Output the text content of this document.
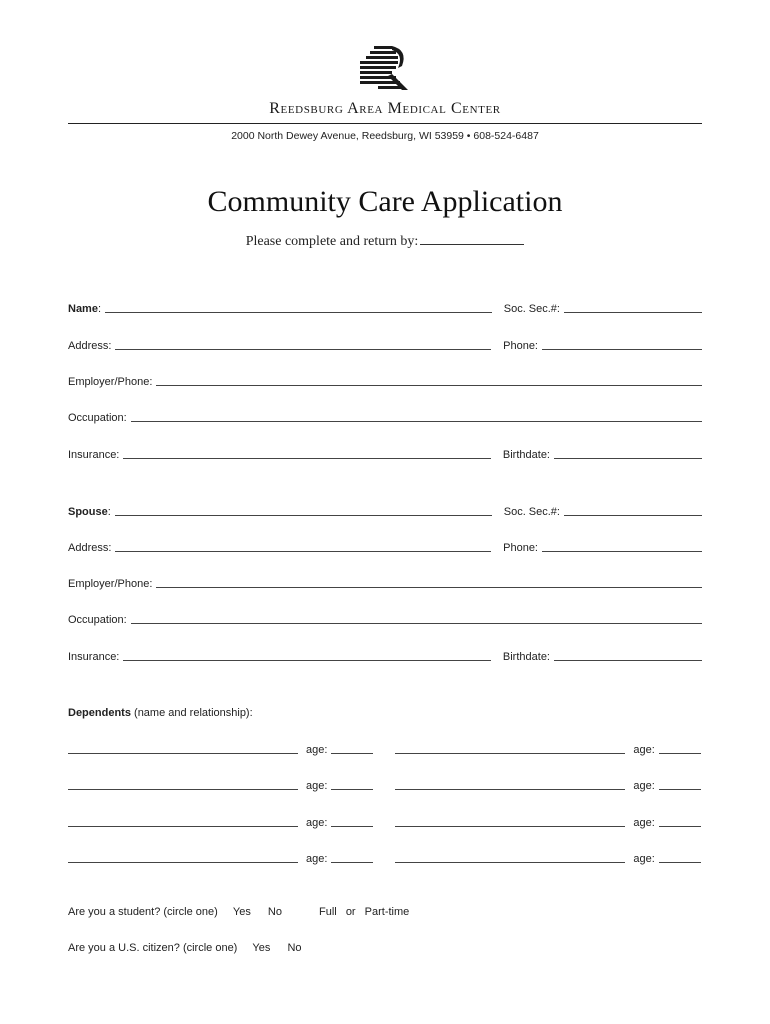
Reedsburg Area Medical Center
2000 North Dewey Avenue, Reedsburg, WI 53959 • 608-524-6487
Community Care Application
Please complete and return by:
Name:	Soc. Sec.#:
Address:	Phone:
Employer/Phone:
Occupation:
Insurance:	Birthdate:
Spouse:	Soc. Sec.#:
Address:	Phone:
Employer/Phone:
Occupation:
Insurance:	Birthdate:
Dependents (name and relationship):
age:	age:
age:	age:
age:	age:
age:	age:
Are you a student? (circle one) Yes No	Full or Part-time
Are you a U.S. citizen? (circle one) Yes No
